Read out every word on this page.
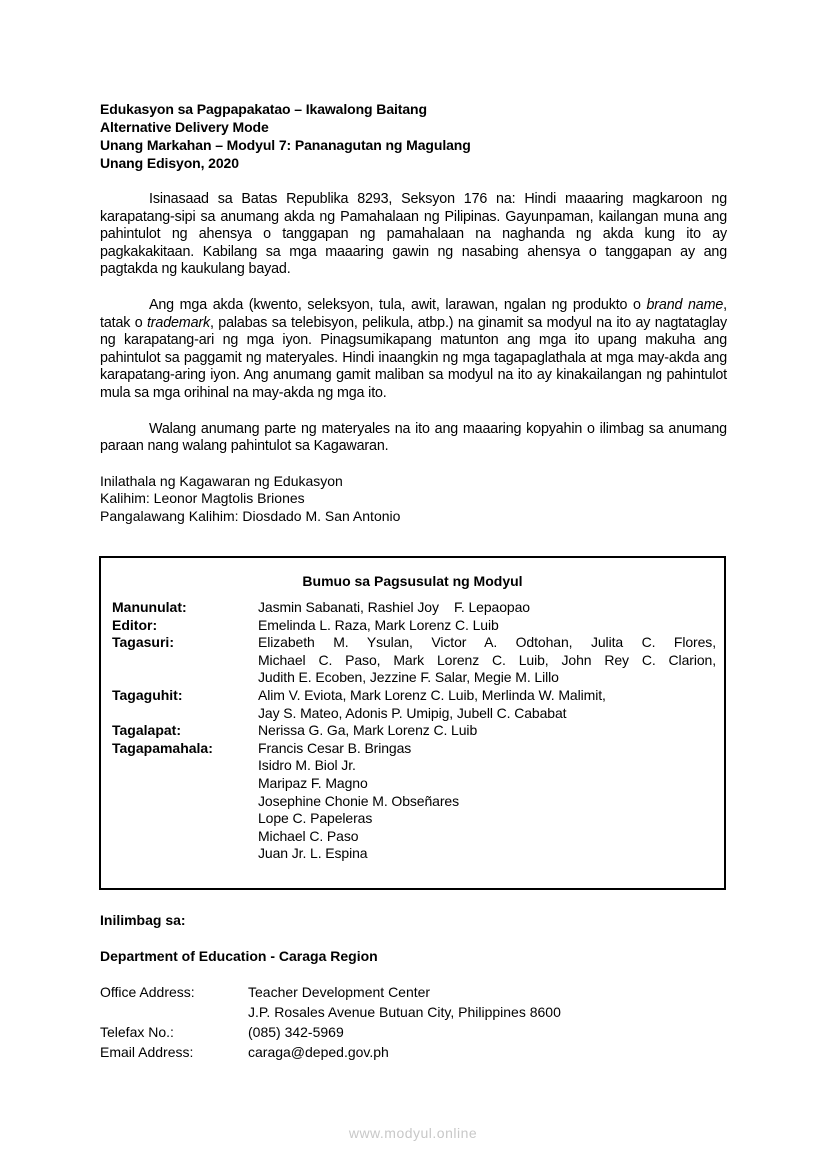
Edukasyon sa Pagpapakatao – Ikawalong Baitang
Alternative Delivery Mode
Unang Markahan – Modyul 7: Pananagutan ng Magulang
Unang Edisyon, 2020

Isinasaad sa Batas Republika 8293, Seksyon 176 na: Hindi maaaring magkaroon ng karapatang-sipi sa anumang akda ng Pamahalaan ng Pilipinas. Gayunpaman, kailangan muna ang pahintulot ng ahensya o tanggapan ng pamahalaan na naghanda ng akda kung ito ay pagkakakitaan. Kabilang sa mga maaaring gawin ng nasabing ahensya o tanggapan ay ang pagtakda ng kaukulang bayad.

Ang mga akda (kwento, seleksyon, tula, awit, larawan, ngalan ng produkto o brand name, tatak o trademark, palabas sa telebisyon, pelikula, atbp.) na ginamit sa modyul na ito ay nagtataglay ng karapatang-ari ng mga iyon. Pinagsumikapang matunton ang mga ito upang makuha ang pahintulot sa paggamit ng materyales. Hindi inaangkin ng mga tagapaglathala at mga may-akda ang karapatang-aring iyon. Ang anumang gamit maliban sa modyul na ito ay kinakailangan ng pahintulot mula sa mga orihinal na may-akda ng mga ito.

Walang anumang parte ng materyales na ito ang maaaring kopyahin o ilimbag sa anumang paraan nang walang pahintulot sa Kagawaran.

Inilathala ng Kagawaran ng Edukasyon
Kalihim: Leonor Magtolis Briones
Pangalawang Kalihim: Diosdado M. San Antonio
Bumuo sa Pagsusulat ng Modyul
Manunulat:	Jasmin Sabanati, Rashiel Joy    F. Lepaopao
Editor:	Emelinda L. Raza, Mark Lorenz C. Luib
Tagasuri:	Elizabeth M. Ysulan, Victor A. Odtohan, Julita C. Flores,
Michael C. Paso, Mark Lorenz C. Luib, John Rey C. Clarion,
Judith E. Ecoben, Jezzine F. Salar, Megie M. Lillo
Tagaguhit:	Alim V. Eviota, Mark Lorenz C. Luib, Merlinda W. Malimit,
Jay S. Mateo, Adonis P. Umipig, Jubell C. Cababat
Tagalapat:	Nerissa G. Ga, Mark Lorenz C. Luib
Tagapamahala:	Francis Cesar B. Bringas
Isidro M. Biol Jr.
Maripaz F. Magno
Josephine Chonie M. Obseñares
Lope C. Papeleras
Michael C. Paso
Juan Jr. L. Espina
Inilimbag sa:
Department of Education - Caraga Region
Office Address:	Teacher Development Center
J.P. Rosales Avenue Butuan City, Philippines 8600
Telefax No.:	(085) 342-5969
Email Address:	caraga@deped.gov.ph
www.modyul.online
